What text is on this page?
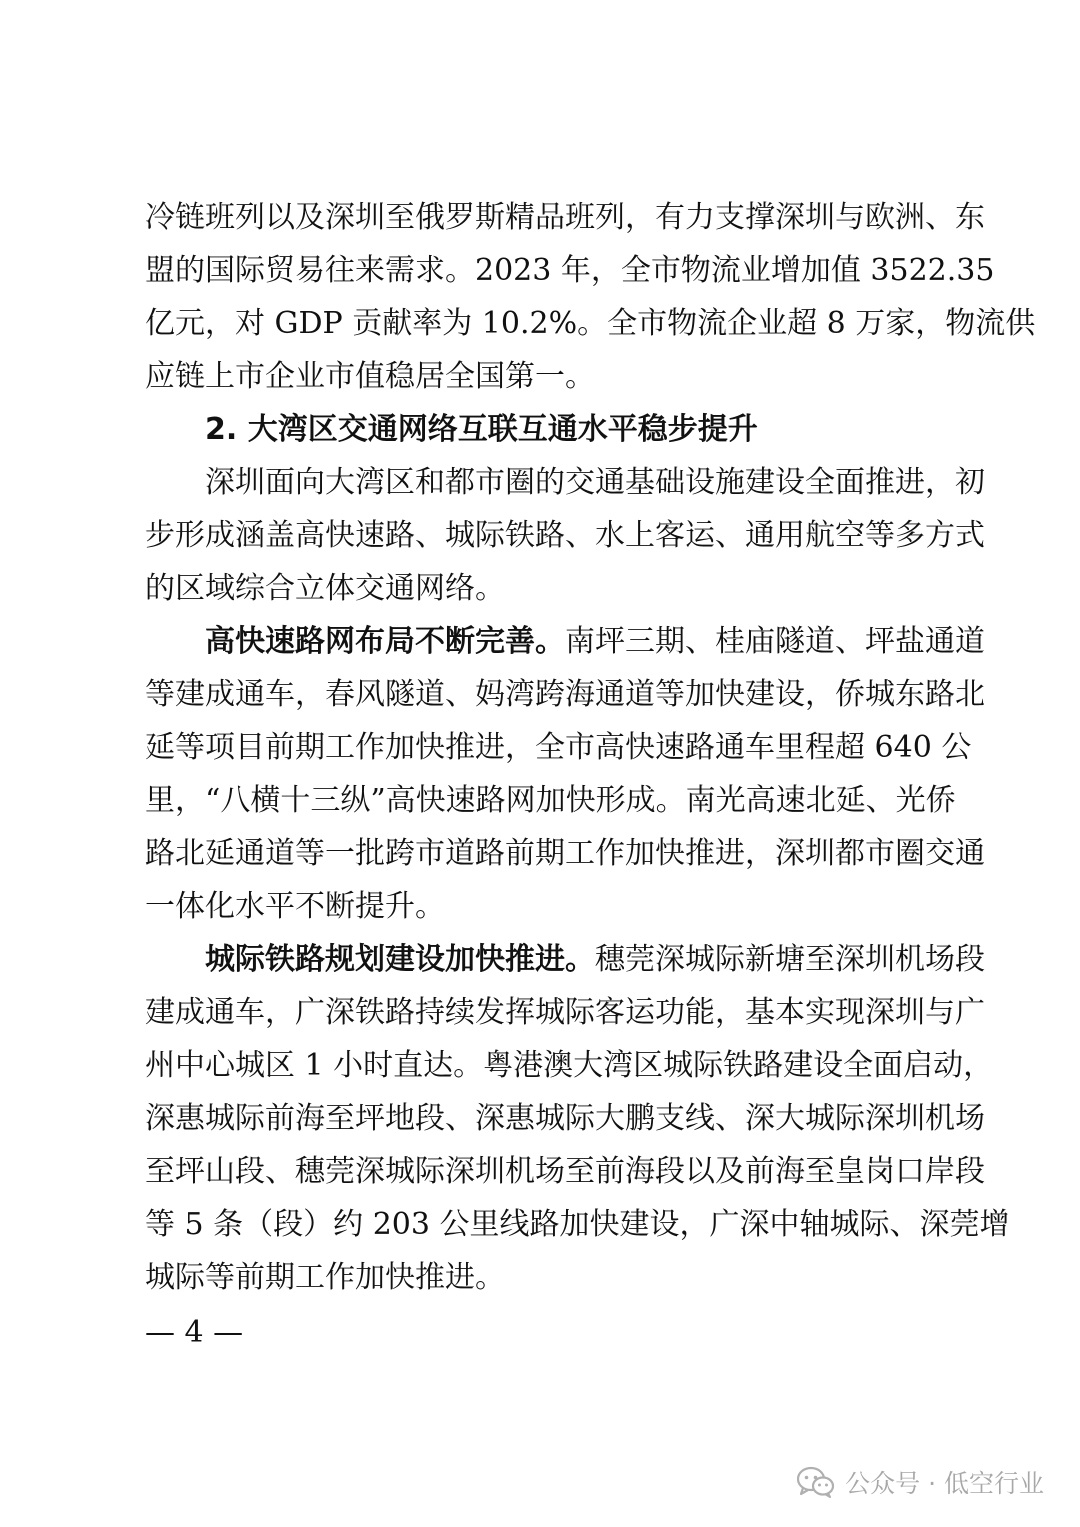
冷链班列以及深圳至俄罗斯精品班列，有力支撑深圳与欧洲、东

盟的国际贸易往来需求。2023 年，全市物流业增加值 3522.35

亿元，对 GDP 贡献率为 10.2%。全市物流企业超 8 万家，物流供

应链上市企业市值稳居全国第一。

2. 大湾区交通网络互联互通水平稳步提升

深圳面向大湾区和都市圈的交通基础设施建设全面推进，初

步形成涵盖高快速路、城际铁路、水上客运、通用航空等多方式

的区域综合立体交通网络。

高快速路网布局不断完善。南坪三期、桂庙隧道、坪盐通道

等建成通车，春风隧道、妈湾跨海通道等加快建设，侨城东路北

延等项目前期工作加快推进，全市高快速路通车里程超 640 公

里，“八横十三纵”高快速路网加快形成。南光高速北延、光侨

路北延通道等一批跨市道路前期工作加快推进，深圳都市圈交通

一体化水平不断提升。

城际铁路规划建设加快推进。穗莞深城际新塘至深圳机场段

建成通车，广深铁路持续发挥城际客运功能，基本实现深圳与广

州中心城区 1 小时直达。粤港澳大湾区城际铁路建设全面启动，

深惠城际前海至坪地段、深惠城际大鹏支线、深大城际深圳机场

至坪山段、穗莞深城际深圳机场至前海段以及前海至皇岗口岸段

等 5 条（段）约 203 公里线路加快建设，广深中轴城际、深莞增

城际等前期工作加快推进。

— 4 —
公众号 · 低空行业
